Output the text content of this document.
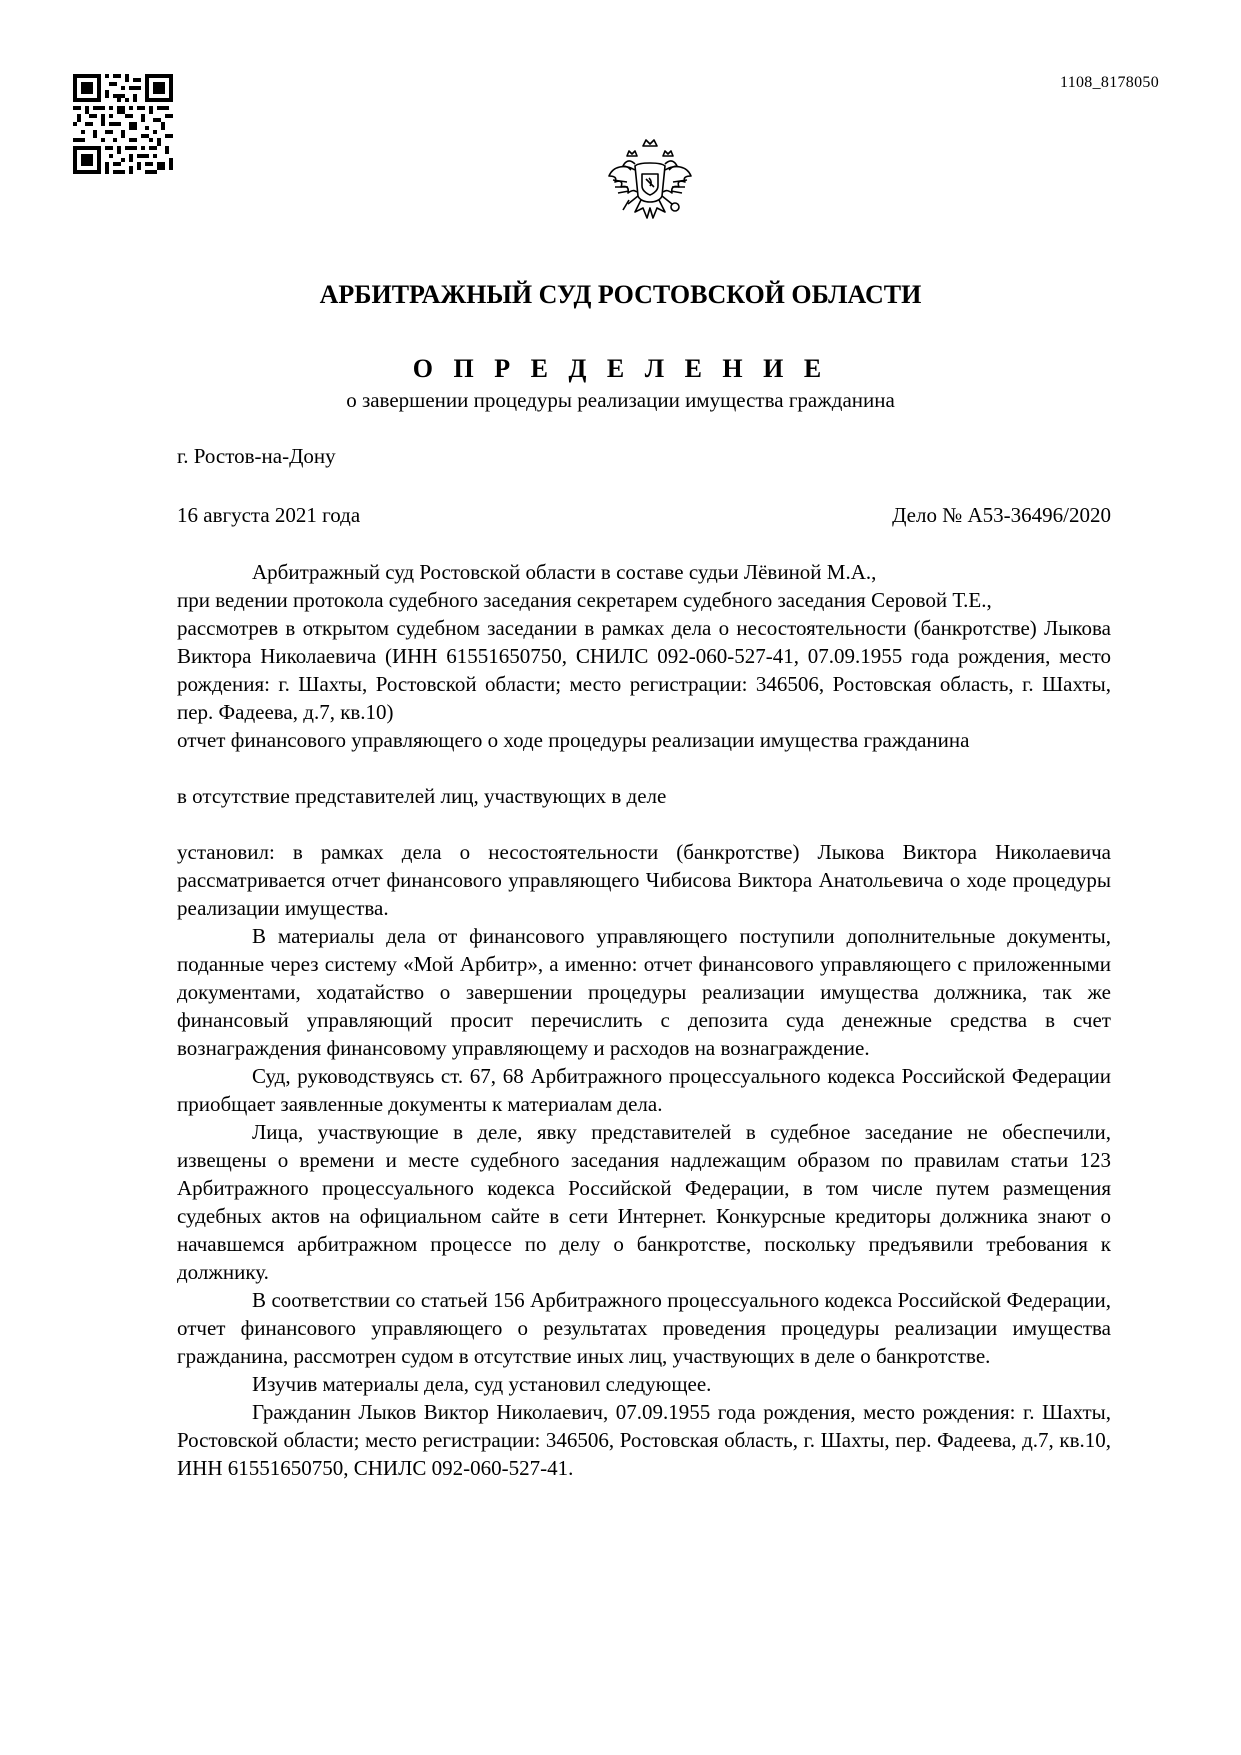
1108_8178050
АРБИТРАЖНЫЙ СУД РОСТОВСКОЙ ОБЛАСТИ
О П Р Е Д Е Л Е Н И Е
о завершении процедуры реализации имущества гражданина
г. Ростов-на-Дону
16 августа 2021 года	Дело № А53-36496/2020

Арбитражный суд Ростовской области в составе судьи Лёвиной М.А.,

при ведении протокола судебного заседания секретарем судебного заседания Серовой Т.Е.,

рассмотрев в открытом судебном заседании в рамках дела о несостоятельности (банкротстве) Лыкова Виктора Николаевича (ИНН 61551650750, СНИЛС 092-060-527-41, 07.09.1955 года рождения, место рождения: г. Шахты, Ростовской области; место регистрации: 346506, Ростовская область, г. Шахты, пер. Фадеева, д.7, кв.10)

отчет финансового управляющего о ходе процедуры реализации имущества гражданина

в отсутствие представителей лиц, участвующих в деле

установил: в рамках дела о несостоятельности (банкротстве) Лыкова Виктора Николаевича рассматривается отчет финансового управляющего Чибисова Виктора Анатольевича о ходе процедуры реализации имущества.

В материалы дела от финансового управляющего поступили дополнительные документы, поданные через систему «Мой Арбитр», а именно: отчет финансового управляющего с приложенными документами, ходатайство о завершении процедуры реализации имущества должника, так же финансовый управляющий просит перечислить с депозита суда денежные средства в счет вознаграждения финансовому управляющему и расходов на вознаграждение.

Суд, руководствуясь ст. 67, 68 Арбитражного процессуального кодекса Российской Федерации приобщает заявленные документы к материалам дела.

Лица, участвующие в деле, явку представителей в судебное заседание не обеспечили, извещены о времени и месте судебного заседания надлежащим образом по правилам статьи 123 Арбитражного процессуального кодекса Российской Федерации, в том числе путем размещения судебных актов на официальном сайте в сети Интернет. Конкурсные кредиторы должника знают о начавшемся арбитражном процессе по делу о банкротстве, поскольку предъявили требования к должнику.

В соответствии со статьей 156 Арбитражного процессуального кодекса Российской Федерации, отчет финансового управляющего о результатах проведения процедуры реализации имущества гражданина, рассмотрен судом в отсутствие иных лиц, участвующих в деле о банкротстве.

Изучив материалы дела, суд установил следующее.

Гражданин Лыков Виктор Николаевич, 07.09.1955 года рождения, место рождения: г. Шахты, Ростовской области; место регистрации: 346506, Ростовская область, г. Шахты, пер. Фадеева, д.7, кв.10, ИНН 61551650750, СНИЛС 092-060-527-41.
